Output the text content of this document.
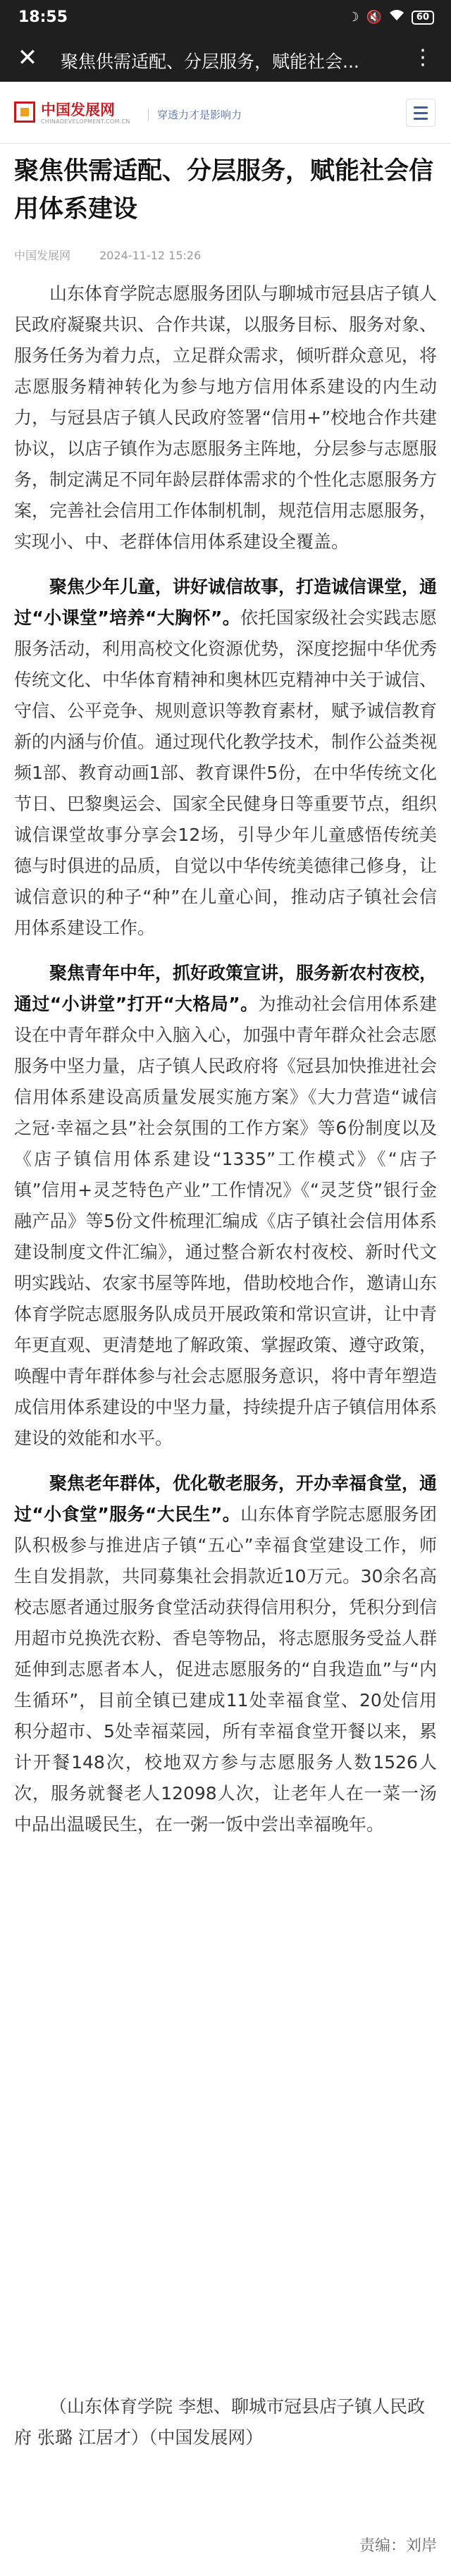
18:55	☽ 🔇	60
✕ 聚焦供需适配、分层服务，赋能社会...	⋮
中国发展网
CHINADEVELOPMENT.COM.CN
穿透力才是影响力
聚焦供需适配、分层服务，赋能社会信用体系建设
中国发展网	2024-11-12 15:26

山东体育学院志愿服务团队与聊城市冠县店子镇人民政府凝聚共识、合作共谋，以服务目标、服务对象、服务任务为着力点，立足群众需求，倾听群众意见，将志愿服务精神转化为参与地方信用体系建设的内生动力，与冠县店子镇人民政府签署“信用+”校地合作共建协议，以店子镇作为志愿服务主阵地，分层参与志愿服务，制定满足不同年龄层群体需求的个性化志愿服务方案，完善社会信用工作体制机制，规范信用志愿服务，实现小、中、老群体信用体系建设全覆盖。

聚焦少年儿童，讲好诚信故事，打造诚信课堂，通过“小课堂”培养“大胸怀”。依托国家级社会实践志愿服务活动，利用高校文化资源优势，深度挖掘中华优秀传统文化、中华体育精神和奥林匹克精神中关于诚信、守信、公平竞争、规则意识等教育素材，赋予诚信教育新的内涵与价值。通过现代化教学技术，制作公益类视频1部、教育动画1部、教育课件5份，在中华传统文化节日、巴黎奥运会、国家全民健身日等重要节点，组织诚信课堂故事分享会12场，引导少年儿童感悟传统美德与时俱进的品质，自觉以中华传统美德律己修身，让诚信意识的种子“种”在儿童心间，推动店子镇社会信用体系建设工作。

聚焦青年中年，抓好政策宣讲，服务新农村夜校，通过“小讲堂”打开“大格局”。为推动社会信用体系建设在中青年群众中入脑入心，加强中青年群众社会志愿服务中坚力量，店子镇人民政府将《冠县加快推进社会信用体系建设高质量发展实施方案》《大力营造“诚信之冠·幸福之县”社会氛围的工作方案》等6份制度以及《店子镇信用体系建设“1335”工作模式》《“店子镇”信用+灵芝特色产业”工作情况》《“灵芝贷”银行金融产品》等5份文件梳理汇编成《店子镇社会信用体系建设制度文件汇编》，通过整合新农村夜校、新时代文明实践站、农家书屋等阵地，借助校地合作，邀请山东体育学院志愿服务队成员开展政策和常识宣讲，让中青年更直观、更清楚地了解政策、掌握政策、遵守政策，唤醒中青年群体参与社会志愿服务意识，将中青年塑造成信用体系建设的中坚力量，持续提升店子镇信用体系建设的效能和水平。

聚焦老年群体，优化敬老服务，开办幸福食堂，通过“小食堂”服务“大民生”。山东体育学院志愿服务团队积极参与推进店子镇“五心”幸福食堂建设工作，师生自发捐款，共同募集社会捐款近10万元。30余名高校志愿者通过服务食堂活动获得信用积分，凭积分到信用超市兑换洗衣粉、香皂等物品，将志愿服务受益人群延伸到志愿者本人，促进志愿服务的“自我造血”与“内生循环”，目前全镇已建成11处幸福食堂、20处信用积分超市、5处幸福菜园，所有幸福食堂开餐以来，累计开餐148次，校地双方参与志愿服务人数1526人次，服务就餐老人12098人次，让老年人在一菜一汤中品出温暖民生，在一粥一饭中尝出幸福晚年。

（山东体育学院 李想、聊城市冠县店子镇人民政府 张璐 江居才）（中国发展网）
责编：刘岸
